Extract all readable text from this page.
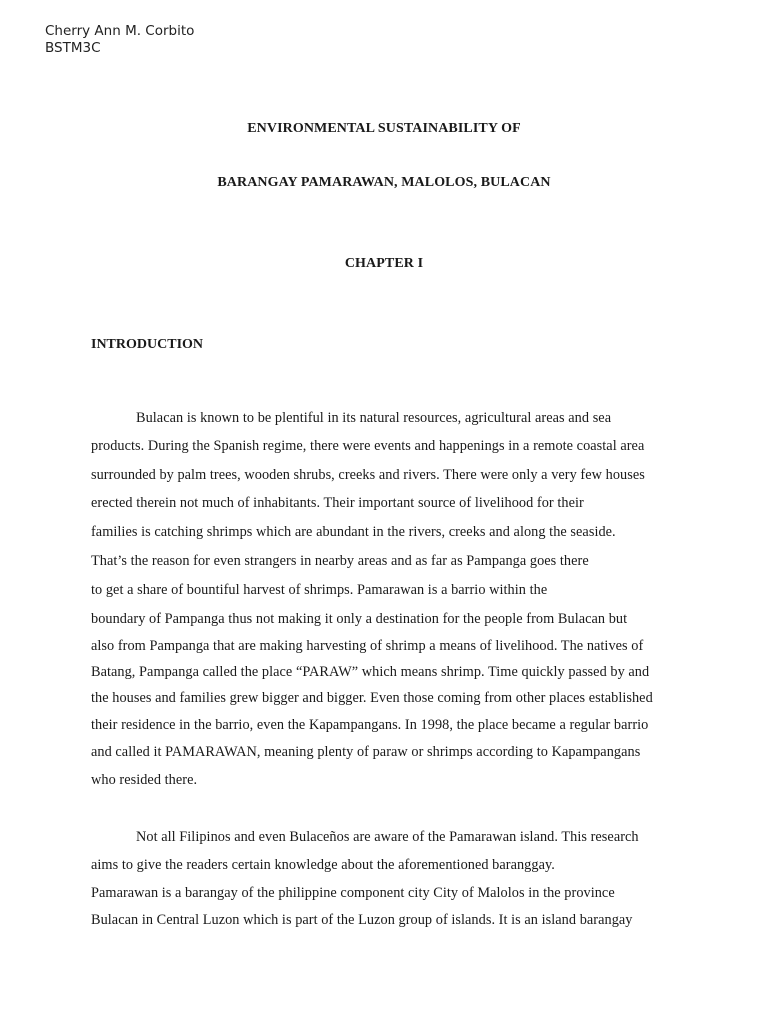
Cherry Ann M. Corbito
BSTM3C
ENVIRONMENTAL SUSTAINABILITY OF
BARANGAY PAMARAWAN, MALOLOS, BULACAN
CHAPTER I
INTRODUCTION
Bulacan is known to be plentiful in its natural resources, agricultural areas and sea
products. During the Spanish regime, there were events and happenings in a remote coastal area
surrounded by palm trees, wooden shrubs, creeks and rivers. There were only a very few houses
erected therein not much of inhabitants. Their important source of livelihood for their
families is catching shrimps which are abundant in the rivers, creeks and along the seaside.
That’s the reason for even strangers in nearby areas and as far as Pampanga goes there
to get a share of bountiful harvest of shrimps. Pamarawan is a barrio within the
boundary of Pampanga thus not making it only a destination for the people from Bulacan but
also from Pampanga that are making harvesting of shrimp a means of livelihood. The natives of
Batang, Pampanga called the place “PARAW” which means shrimp. Time quickly passed by and
the houses and families grew bigger and bigger. Even those coming from other places established
their residence in the barrio, even the Kapampangans. In 1998, the place became a regular barrio
and called it PAMARAWAN, meaning plenty of paraw or shrimps according to Kapampangans
who resided there.
Not all Filipinos and even Bulaceños are aware of the Pamarawan island. This research
aims to give the readers certain knowledge about the aforementioned baranggay.
Pamarawan is a barangay of the philippine component city City of Malolos in the province
Bulacan in Central Luzon which is part of the Luzon group of islands. It is an island barangay
